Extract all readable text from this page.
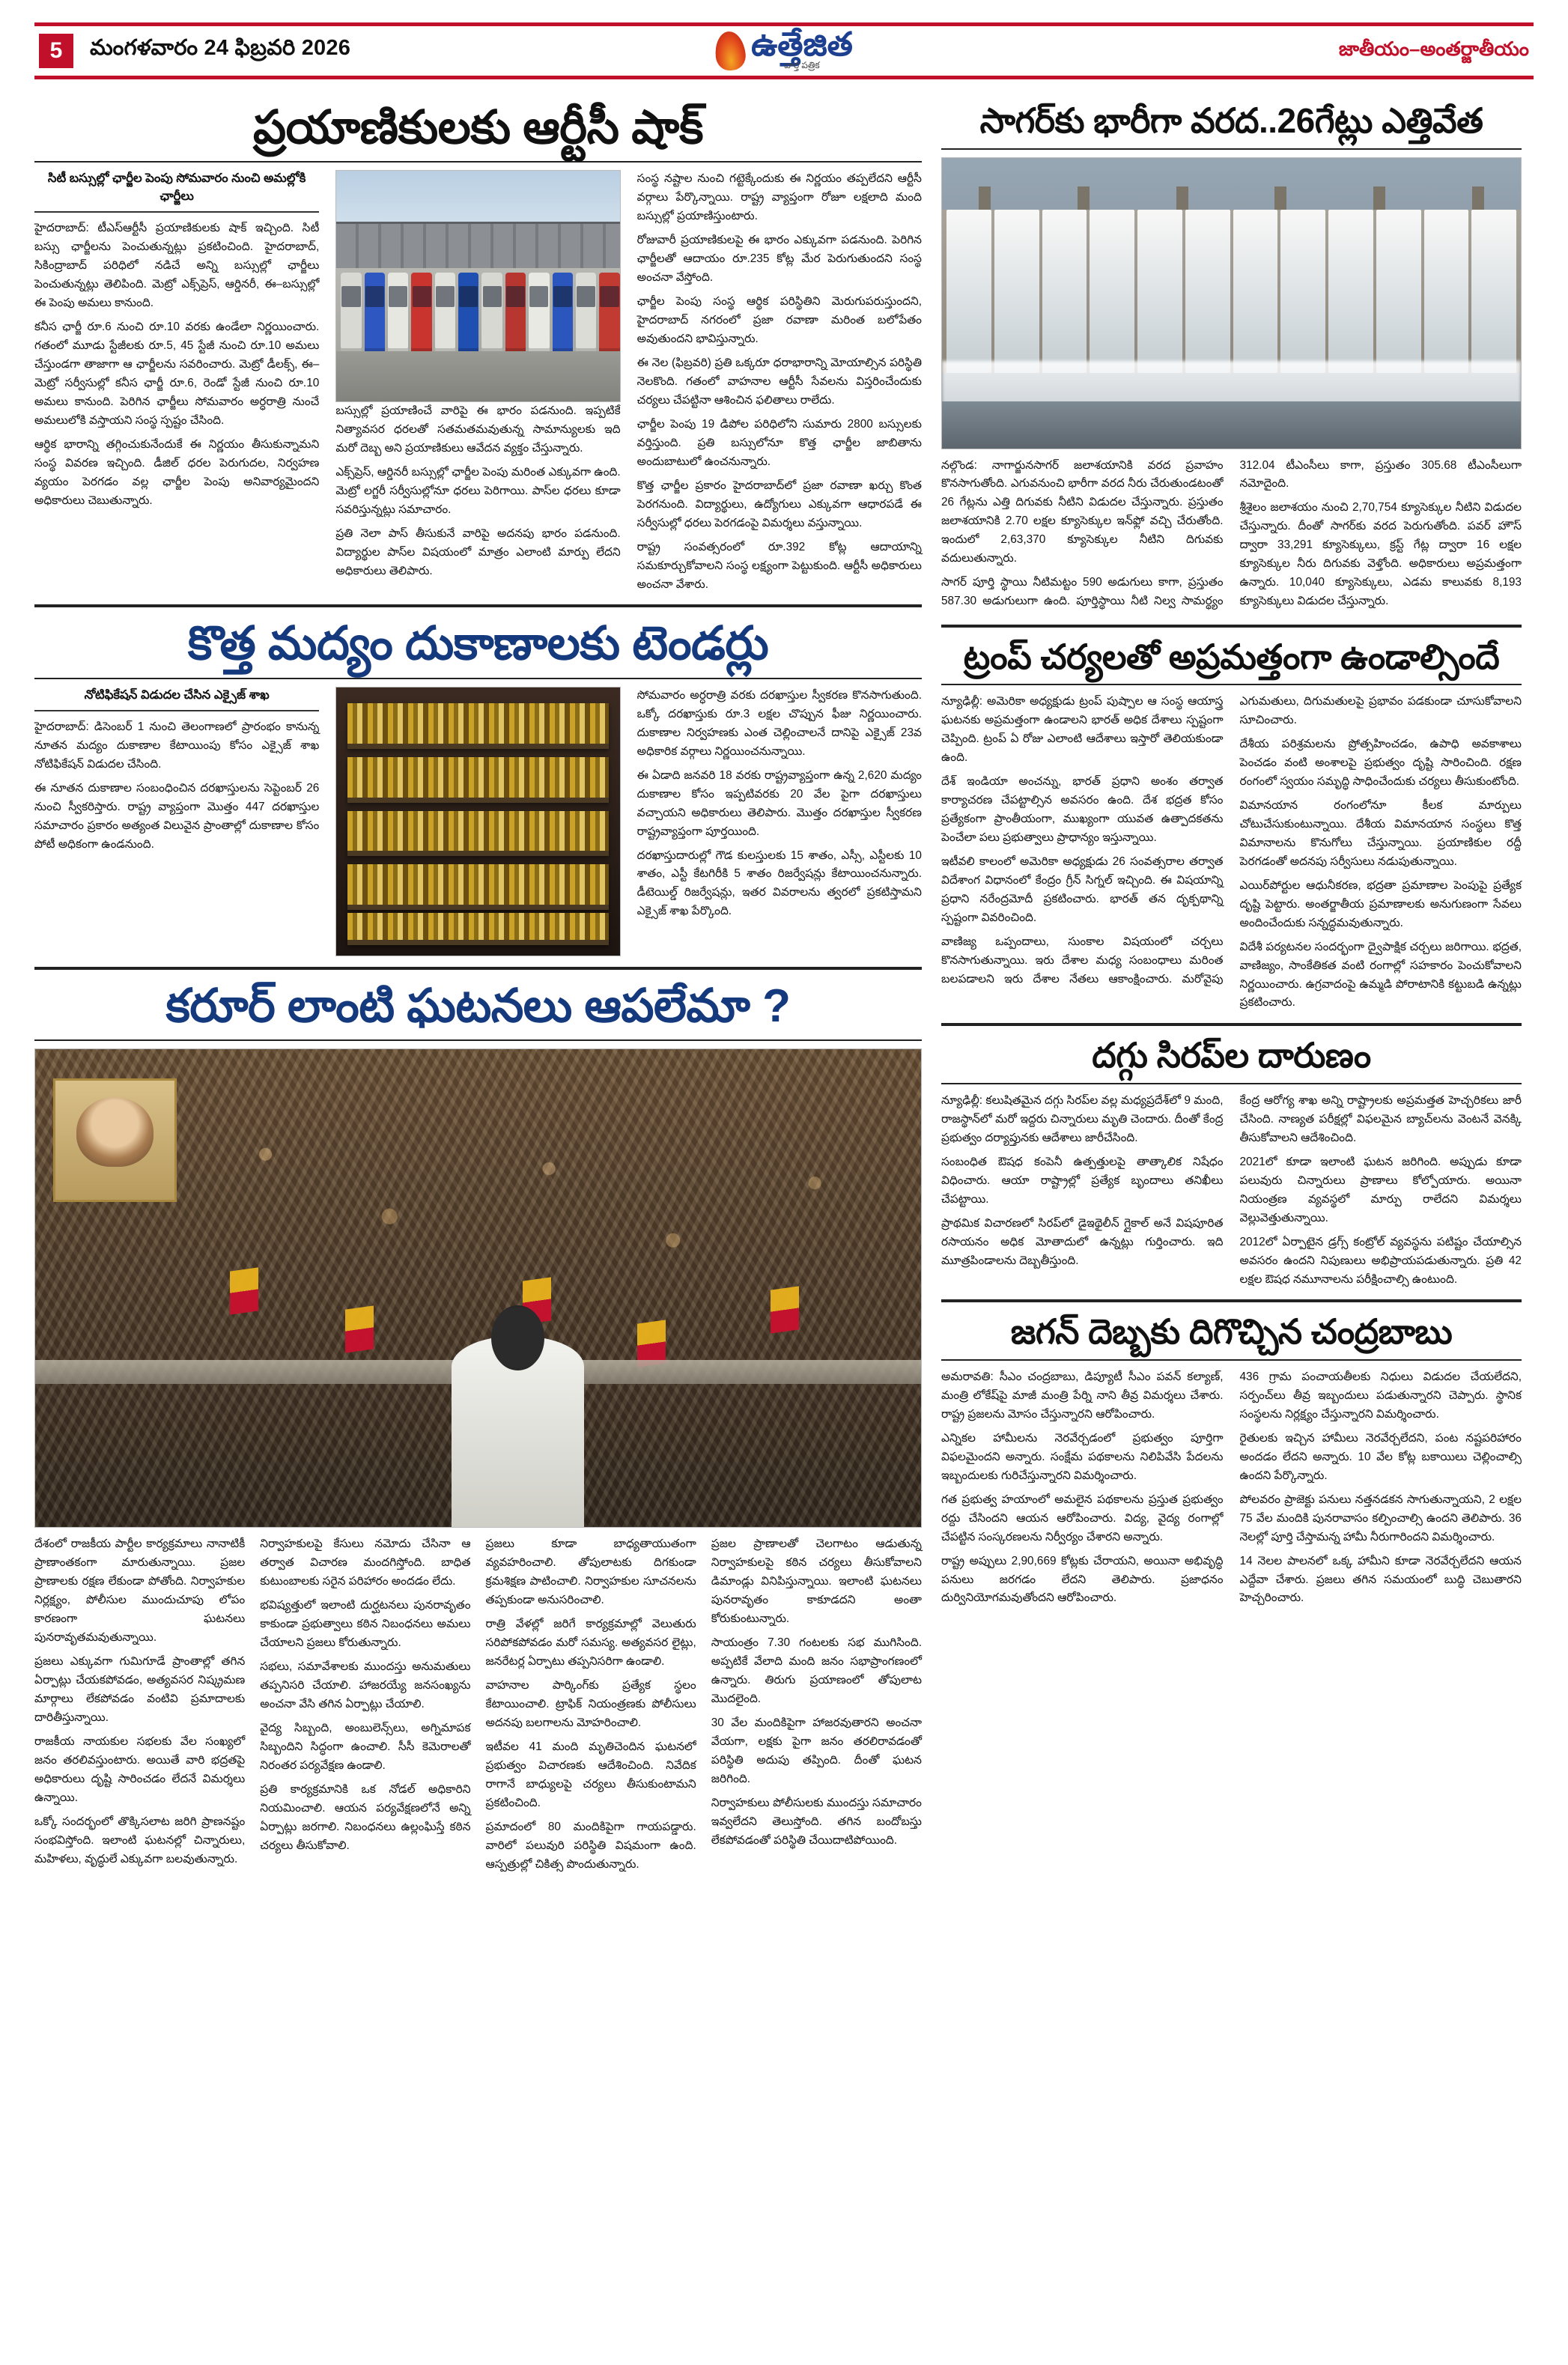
5	మంగళవారం 24 ఫిబ్రవరి 2026	ఉత్తేజిత
వార్త పత్రిక
జాతీయం–అంతర్జాతీయం
ప్రయాణికులకు ఆర్టీసీ షాక్
సిటీ బస్సుల్లో ఛార్జీల పెంపు సోమవారం నుంచి అమల్లోకి ఛార్జీలు

హైదరాబాద్: టీఎస్ఆర్టీసీ ప్రయాణికులకు షాక్ ఇచ్చింది. సిటీ బస్సు ఛార్జీలను పెంచుతున్నట్లు ప్రకటించింది. హైదరాబాద్, సికింద్రాబాద్ పరిధిలో నడిచే అన్ని బస్సుల్లో ఛార్జీలు పెంచుతున్నట్లు తెలిపింది. మెట్రో ఎక్స్‌ప్రెస్, ఆర్డినరీ, ఈ–బస్సుల్లో ఈ పెంపు అమలు కానుంది.

కనీస ఛార్జీ రూ.6 నుంచి రూ.10 వరకు ఉండేలా నిర్ణయించారు. గతంలో మూడు స్టేజీలకు రూ.5, 45 స్టేజీ నుంచి రూ.10 అమలు చేస్తుండగా తాజాగా ఆ ఛార్జీలను సవరించారు. మెట్రో డీలక్స్, ఈ–మెట్రో సర్వీసుల్లో కనీస ఛార్జీ రూ.6, రెండో స్టేజీ నుంచి రూ.10 అమలు కానుంది. పెరిగిన ఛార్జీలు సోమవారం అర్ధరాత్రి నుంచే అమలులోకి వస్తాయని సంస్థ స్పష్టం చేసింది.

ఆర్థిక భారాన్ని తగ్గించుకునేందుకే ఈ నిర్ణయం తీసుకున్నామని సంస్థ వివరణ ఇచ్చింది. డీజిల్ ధరల పెరుగుదల, నిర్వహణ వ్యయం పెరగడం వల్ల ఛార్జీల పెంపు అనివార్యమైందని అధికారులు చెబుతున్నారు.

బస్సుల్లో ప్రయాణించే వారిపై ఈ భారం పడనుంది. ఇప్పటికే నిత్యావసర ధరలతో సతమతమవుతున్న సామాన్యులకు ఇది మరో దెబ్బ అని ప్రయాణికులు ఆవేదన వ్యక్తం చేస్తున్నారు.

ఎక్స్‌ప్రెస్, ఆర్డినరీ బస్సుల్లో ఛార్జీల పెంపు మరింత ఎక్కువగా ఉంది. మెట్రో లగ్జరీ సర్వీసుల్లోనూ ధరలు పెరిగాయి. పాస్‌ల ధరలు కూడా సవరిస్తున్నట్లు సమాచారం.

ప్రతి నెలా పాస్ తీసుకునే వారిపై అదనపు భారం పడనుంది. విద్యార్థుల పాస్‌ల విషయంలో మాత్రం ఎలాంటి మార్పు లేదని అధికారులు తెలిపారు.

సంస్థ నష్టాల నుంచి గట్టెక్కేందుకు ఈ నిర్ణయం తప్పలేదని ఆర్టీసీ వర్గాలు పేర్కొన్నాయి. రాష్ట్ర వ్యాప్తంగా రోజూ లక్షలాది మంది బస్సుల్లో ప్రయాణిస్తుంటారు.

రోజువారీ ప్రయాణికులపై ఈ భారం ఎక్కువగా పడనుంది. పెరిగిన ఛార్జీలతో ఆదాయం రూ.235 కోట్ల మేర పెరుగుతుందని సంస్థ అంచనా వేస్తోంది.

ఛార్జీల పెంపు సంస్థ ఆర్థిక పరిస్థితిని మెరుగుపరుస్తుందని, హైదరాబాద్ నగరంలో ప్రజా రవాణా మరింత బలోపేతం అవుతుందని భావిస్తున్నారు.

ఈ నెల (ఫిబ్రవరి) ప్రతి ఒక్కరూ ధరాభారాన్ని మోయాల్సిన పరిస్థితి నెలకొంది. గతంలో వాహనాల ఆర్టీసీ సేవలను విస్తరించేందుకు చర్యలు చేపట్టినా ఆశించిన ఫలితాలు రాలేదు.

ఛార్జీల పెంపు 19 డిపోల పరిధిలోని సుమారు 2800 బస్సులకు వర్తిస్తుంది. ప్రతి బస్సులోనూ కొత్త ఛార్జీల జాబితాను అందుబాటులో ఉంచనున్నారు.

కొత్త ఛార్జీల ప్రకారం హైదరాబాద్‌లో ప్రజా రవాణా ఖర్చు కొంత పెరగనుంది. విద్యార్థులు, ఉద్యోగులు ఎక్కువగా ఆధారపడే ఈ సర్వీసుల్లో ధరలు పెరగడంపై విమర్శలు వస్తున్నాయి.

రాష్ట్ర సంవత్సరంలో రూ.392 కోట్ల ఆదాయాన్ని సమకూర్చుకోవాలని సంస్థ లక్ష్యంగా పెట్టుకుంది. ఆర్టీసీ అధికారులు అంచనా వేశారు.

కొత్త మద్యం దుకాణాలకు టెండర్లు
నోటిఫికేషన్ విడుదల చేసిన ఎక్సైజ్ శాఖ

హైదరాబాద్: డిసెంబర్ 1 నుంచి తెలంగాణలో ప్రారంభం కానున్న నూతన మద్యం దుకాణాల కేటాయింపు కోసం ఎక్సైజ్ శాఖ నోటిఫికేషన్ విడుదల చేసింది.

ఈ నూతన దుకాణాల సంబంధించిన దరఖాస్తులను సెప్టెంబర్ 26 నుంచి స్వీకరిస్తారు. రాష్ట్ర వ్యాప్తంగా మొత్తం 447 దరఖాస్తుల సమాచారం ప్రకారం అత్యంత విలువైన ప్రాంతాల్లో దుకాణాల కోసం పోటీ అధికంగా ఉండనుంది.

సోమవారం అర్ధరాత్రి వరకు దరఖాస్తుల స్వీకరణ కొనసాగుతుంది. ఒక్కో దరఖాస్తుకు రూ.3 లక్షల చొప్పున ఫీజు నిర్ణయించారు. దుకాణాల నిర్వహణకు ఎంత చెల్లించాలనే దానిపై ఎక్సైజ్ 23వ అధికారిక వర్గాలు నిర్ణయించనున్నాయి.

ఈ ఏడాది జనవరి 18 వరకు రాష్ట్రవ్యాప్తంగా ఉన్న 2,620 మద్యం దుకాణాల కోసం ఇప్పటివరకు 20 వేల పైగా దరఖాస్తులు వచ్చాయని అధికారులు తెలిపారు. మొత్తం దరఖాస్తుల స్వీకరణ రాష్ట్రవ్యాప్తంగా పూర్తయింది.

దరఖాస్తుదారుల్లో గౌడ కులస్తులకు 15 శాతం, ఎస్సీ, ఎస్టీలకు 10 శాతం, ఎస్టీ కేటగిరీకి 5 శాతం రిజర్వేషన్లు కేటాయించనున్నారు. డీటెయిల్డ్ రిజర్వేషన్లు, ఇతర వివరాలను త్వరలో ప్రకటిస్తామని ఎక్సైజ్ శాఖ పేర్కొంది.

కరూర్ లాంటి ఘటనలు ఆపలేమా ?

దేశంలో రాజకీయ పార్టీల కార్యక్రమాలు నానాటికీ ప్రాణాంతకంగా మారుతున్నాయి. ప్రజల ప్రాణాలకు రక్షణ లేకుండా పోతోంది. నిర్వాహకుల నిర్లక్ష్యం, పోలీసుల ముందుచూపు లోపం కారణంగా ఘటనలు పునరావృతమవుతున్నాయి.

ప్రజలు ఎక్కువగా గుమిగూడే ప్రాంతాల్లో తగిన ఏర్పాట్లు చేయకపోవడం, అత్యవసర నిష్క్రమణ మార్గాలు లేకపోవడం వంటివి ప్రమాదాలకు దారితీస్తున్నాయి.

రాజకీయ నాయకుల సభలకు వేల సంఖ్యలో జనం తరలివస్తుంటారు. అయితే వారి భద్రతపై అధికారులు దృష్టి సారించడం లేదనే విమర్శలు ఉన్నాయి.

ఒక్కో సందర్భంలో తొక్కిసలాట జరిగి ప్రాణనష్టం సంభవిస్తోంది. ఇలాంటి ఘటనల్లో చిన్నారులు, మహిళలు, వృద్ధులే ఎక్కువగా బలవుతున్నారు.

నిర్వాహకులపై కేసులు నమోదు చేసినా ఆ తర్వాత విచారణ మందగిస్తోంది. బాధిత కుటుంబాలకు సరైన పరిహారం అందడం లేదు.

భవిష్యత్తులో ఇలాంటి దుర్ఘటనలు పునరావృతం కాకుండా ప్రభుత్వాలు కఠిన నిబంధనలు అమలు చేయాలని ప్రజలు కోరుతున్నారు.

సభలు, సమావేశాలకు ముందస్తు అనుమతులు తప్పనిసరి చేయాలి. హాజరయ్యే జనసంఖ్యను అంచనా వేసి తగిన ఏర్పాట్లు చేయాలి.

వైద్య సిబ్బంది, అంబులెన్స్‌లు, అగ్నిమాపక సిబ్బందిని సిద్ధంగా ఉంచాలి. సీసీ కెమెరాలతో నిరంతర పర్యవేక్షణ ఉండాలి.

ప్రతి కార్యక్రమానికి ఒక నోడల్ అధికారిని నియమించాలి. ఆయన పర్యవేక్షణలోనే అన్ని ఏర్పాట్లు జరగాలి. నిబంధనలు ఉల్లంఘిస్తే కఠిన చర్యలు తీసుకోవాలి.

ప్రజలు కూడా బాధ్యతాయుతంగా వ్యవహరించాలి. తోపులాటకు దిగకుండా క్రమశిక్షణ పాటించాలి. నిర్వాహకుల సూచనలను తప్పకుండా అనుసరించాలి.

రాత్రి వేళల్లో జరిగే కార్యక్రమాల్లో వెలుతురు సరిపోకపోవడం మరో సమస్య. అత్యవసర లైట్లు, జనరేటర్ల ఏర్పాటు తప్పనిసరిగా ఉండాలి.

వాహనాల పార్కింగ్‌కు ప్రత్యేక స్థలం కేటాయించాలి. ట్రాఫిక్ నియంత్రణకు పోలీసులు అదనపు బలగాలను మోహరించాలి.

ఇటీవల 41 మంది మృతిచెందిన ఘటనలో ప్రభుత్వం విచారణకు ఆదేశించింది. నివేదిక రాగానే బాధ్యులపై చర్యలు తీసుకుంటామని ప్రకటించింది.

ప్రమాదంలో 80 మందికిపైగా గాయపడ్డారు. వారిలో పలువురి పరిస్థితి విషమంగా ఉంది. ఆస్పత్రుల్లో చికిత్స పొందుతున్నారు.

ప్రజల ప్రాణాలతో చెలగాటం ఆడుతున్న నిర్వాహకులపై కఠిన చర్యలు తీసుకోవాలని డిమాండ్లు వినిపిస్తున్నాయి. ఇలాంటి ఘటనలు పునరావృతం కాకూడదని అంతా కోరుకుంటున్నారు.

సాయంత్రం 7.30 గంటలకు సభ ముగిసింది. అప్పటికే వేలాది మంది జనం సభాప్రాంగణంలో ఉన్నారు. తిరుగు ప్రయాణంలో తోపులాట మొదలైంది.

30 వేల మందికిపైగా హాజరవుతారని అంచనా వేయగా, లక్షకు పైగా జనం తరలిరావడంతో పరిస్థితి అదుపు తప్పింది. దీంతో ఘటన జరిగింది.

నిర్వాహకులు పోలీసులకు ముందస్తు సమాచారం ఇవ్వలేదని తెలుస్తోంది. తగిన బందోబస్తు లేకపోవడంతో పరిస్థితి చేయిదాటిపోయింది.

సాగర్‌కు భారీగా వరద..26గేట్లు ఎత్తివేత

నల్గొండ: నాగార్జునసాగర్ జలాశయానికి వరద ప్రవాహం కొనసాగుతోంది. ఎగువనుంచి భారీగా వరద నీరు చేరుతుండటంతో 26 గేట్లను ఎత్తి దిగువకు నీటిని విడుదల చేస్తున్నారు. ప్రస్తుతం జలాశయానికి 2.70 లక్షల క్యూసెక్కుల ఇన్‌ఫ్లో వచ్చి చేరుతోంది. ఇందులో 2,63,370 క్యూసెక్కుల నీటిని దిగువకు వదులుతున్నారు.

సాగర్ పూర్తి స్థాయి నీటిమట్టం 590 అడుగులు కాగా, ప్రస్తుతం 587.30 అడుగులుగా ఉంది. పూర్తిస్థాయి నీటి నిల్వ సామర్థ్యం 312.04 టీఎంసీలు కాగా, ప్రస్తుతం 305.68 టీఎంసీలుగా నమోదైంది.

శ్రీశైలం జలాశయం నుంచి 2,70,754 క్యూసెక్కుల నీటిని విడుదల చేస్తున్నారు. దీంతో సాగర్‌కు వరద పెరుగుతోంది. పవర్ హౌస్ ద్వారా 33,291 క్యూసెక్కులు, క్రస్ట్ గేట్ల ద్వారా 16 లక్షల క్యూసెక్కుల నీరు దిగువకు వెళ్తోంది. అధికారులు అప్రమత్తంగా ఉన్నారు. 10,040 క్యూసెక్కులు, ఎడమ కాలువకు 8,193 క్యూసెక్కులు విడుదల చేస్తున్నారు.

ట్రంప్ చర్యలతో అప్రమత్తంగా ఉండాల్సిందే

న్యూఢిల్లీ: అమెరికా అధ్యక్షుడు ట్రంప్ పుష్పాల ఆ సంస్థ ఆయాస్త్ర ఘటనకు అప్రమత్తంగా ఉండాలని భారత్ అధిక దేశాలు స్పష్టంగా చెప్పింది. ట్రంప్ ఏ రోజు ఎలాంటి ఆదేశాలు ఇస్తారో తెలియకుండా ఉంది.

దేశ్ ఇండియా అంచన్ను, భారత్ ప్రధాని అంశం తర్వాత కార్యాచరణ చేపట్టాల్సిన అవసరం ఉంది. దేశ భద్రత కోసం ప్రత్యేకంగా ప్రాంతీయంగా, ముఖ్యంగా యువత ఉత్పాదకతను పెంచేలా పలు ప్రభుత్వాలు ప్రాధాన్యం ఇస్తున్నాయి.

ఇటీవలి కాలంలో అమెరికా అధ్యక్షుడు 26 సంవత్సరాల తర్వాత విదేశాంగ విధానంలో కేంద్రం గ్రీన్ సిగ్నల్ ఇచ్చింది. ఈ విషయాన్ని ప్రధాని నరేంద్రమోదీ ప్రకటించారు. భారత్ తన దృక్పథాన్ని స్పష్టంగా వివరించింది.

వాణిజ్య ఒప్పందాలు, సుంకాల విషయంలో చర్చలు కొనసాగుతున్నాయి. ఇరు దేశాల మధ్య సంబంధాలు మరింత బలపడాలని ఇరు దేశాల నేతలు ఆకాంక్షించారు. మరోవైపు ఎగుమతులు, దిగుమతులపై ప్రభావం పడకుండా చూసుకోవాలని సూచించారు.

దేశీయ పరిశ్రమలను ప్రోత్సహించడం, ఉపాధి అవకాశాలు పెంచడం వంటి అంశాలపై ప్రభుత్వం దృష్టి సారించింది. రక్షణ రంగంలో స్వయం సమృద్ధి సాధించేందుకు చర్యలు తీసుకుంటోంది.

విమానయాన రంగంలోనూ కీలక మార్పులు చోటుచేసుకుంటున్నాయి. దేశీయ విమానయాన సంస్థలు కొత్త విమానాలను కొనుగోలు చేస్తున్నాయి. ప్రయాణికుల రద్దీ పెరగడంతో అదనపు సర్వీసులు నడుపుతున్నాయి.

ఎయిర్‌పోర్టుల ఆధునీకరణ, భద్రతా ప్రమాణాల పెంపుపై ప్రత్యేక దృష్టి పెట్టారు. అంతర్జాతీయ ప్రమాణాలకు అనుగుణంగా సేవలు అందించేందుకు సన్నద్ధమవుతున్నారు.

విదేశీ పర్యటనల సందర్భంగా ద్వైపాక్షిక చర్చలు జరిగాయి. భద్రత, వాణిజ్యం, సాంకేతికత వంటి రంగాల్లో సహకారం పెంచుకోవాలని నిర్ణయించారు. ఉగ్రవాదంపై ఉమ్మడి పోరాటానికి కట్టుబడి ఉన్నట్లు ప్రకటించారు.

దగ్గు సిరప్‌ల దారుణం

న్యూఢిల్లీ: కలుషితమైన దగ్గు సిరప్‌ల వల్ల మధ్యప్రదేశ్‌లో 9 మంది, రాజస్థాన్‌లో మరో ఇద్దరు చిన్నారులు మృతి చెందారు. దీంతో కేంద్ర ప్రభుత్వం దర్యాప్తునకు ఆదేశాలు జారీచేసింది.

సంబంధిత ఔషధ కంపెనీ ఉత్పత్తులపై తాత్కాలిక నిషేధం విధించారు. ఆయా రాష్ట్రాల్లో ప్రత్యేక బృందాలు తనిఖీలు చేపట్టాయి.

ప్రాథమిక విచారణలో సిరప్‌లో డైఇథైలీన్ గ్లైకాల్ అనే విషపూరిత రసాయనం అధిక మోతాదులో ఉన్నట్లు గుర్తించారు. ఇది మూత్రపిండాలను దెబ్బతీస్తుంది.

కేంద్ర ఆరోగ్య శాఖ అన్ని రాష్ట్రాలకు అప్రమత్తత హెచ్చరికలు జారీ చేసింది. నాణ్యత పరీక్షల్లో విఫలమైన బ్యాచ్‌లను వెంటనే వెనక్కి తీసుకోవాలని ఆదేశించింది.

2021లో కూడా ఇలాంటి ఘటన జరిగింది. అప్పుడు కూడా పలువురు చిన్నారులు ప్రాణాలు కోల్పోయారు. అయినా నియంత్రణ వ్యవస్థలో మార్పు రాలేదని విమర్శలు వెల్లువెత్తుతున్నాయి.

2012లో ఏర్పాటైన డ్రగ్స్ కంట్రోల్ వ్యవస్థను పటిష్టం చేయాల్సిన అవసరం ఉందని నిపుణులు అభిప్రాయపడుతున్నారు. ప్రతి 42 లక్షల ఔషధ నమూనాలను పరీక్షించాల్సి ఉంటుంది.

జగన్ దెబ్బకు దిగొచ్చిన చంద్రబాబు

అమరావతి: సీఎం చంద్రబాబు, డిప్యూటీ సీఎం పవన్ కల్యాణ్, మంత్రి లోకేష్‌పై మాజీ మంత్రి పేర్ని నాని తీవ్ర విమర్శలు చేశారు. రాష్ట్ర ప్రజలను మోసం చేస్తున్నారని ఆరోపించారు.

ఎన్నికల హామీలను నెరవేర్చడంలో ప్రభుత్వం పూర్తిగా విఫలమైందని అన్నారు. సంక్షేమ పథకాలను నిలిపివేసి పేదలను ఇబ్బందులకు గురిచేస్తున్నారని విమర్శించారు.

గత ప్రభుత్వ హయాంలో అమలైన పథకాలను ప్రస్తుత ప్రభుత్వం రద్దు చేసిందని ఆయన ఆరోపించారు. విద్య, వైద్య రంగాల్లో చేపట్టిన సంస్కరణలను నిర్వీర్యం చేశారని అన్నారు.

రాష్ట్ర అప్పులు 2,90,669 కోట్లకు చేరాయని, అయినా అభివృద్ధి పనులు జరగడం లేదని తెలిపారు. ప్రజాధనం దుర్వినియోగమవుతోందని ఆరోపించారు.

436 గ్రామ పంచాయతీలకు నిధులు విడుదల చేయలేదని, సర్పంచ్‌లు తీవ్ర ఇబ్బందులు పడుతున్నారని చెప్పారు. స్థానిక సంస్థలను నిర్లక్ష్యం చేస్తున్నారని విమర్శించారు.

రైతులకు ఇచ్చిన హామీలు నెరవేర్చలేదని, పంట నష్టపరిహారం అందడం లేదని అన్నారు. 10 వేల కోట్ల బకాయిలు చెల్లించాల్సి ఉందని పేర్కొన్నారు.

పోలవరం ప్రాజెక్టు పనులు నత్తనడకన సాగుతున్నాయని, 2 లక్షల 75 వేల మందికి పునరావాసం కల్పించాల్సి ఉందని తెలిపారు. 36 నెలల్లో పూర్తి చేస్తామన్న హామీ నీరుగారిందని విమర్శించారు.

14 నెలల పాలనలో ఒక్క హామీని కూడా నెరవేర్చలేదని ఆయన ఎద్దేవా చేశారు. ప్రజలు తగిన సమయంలో బుద్ధి చెబుతారని హెచ్చరించారు.
